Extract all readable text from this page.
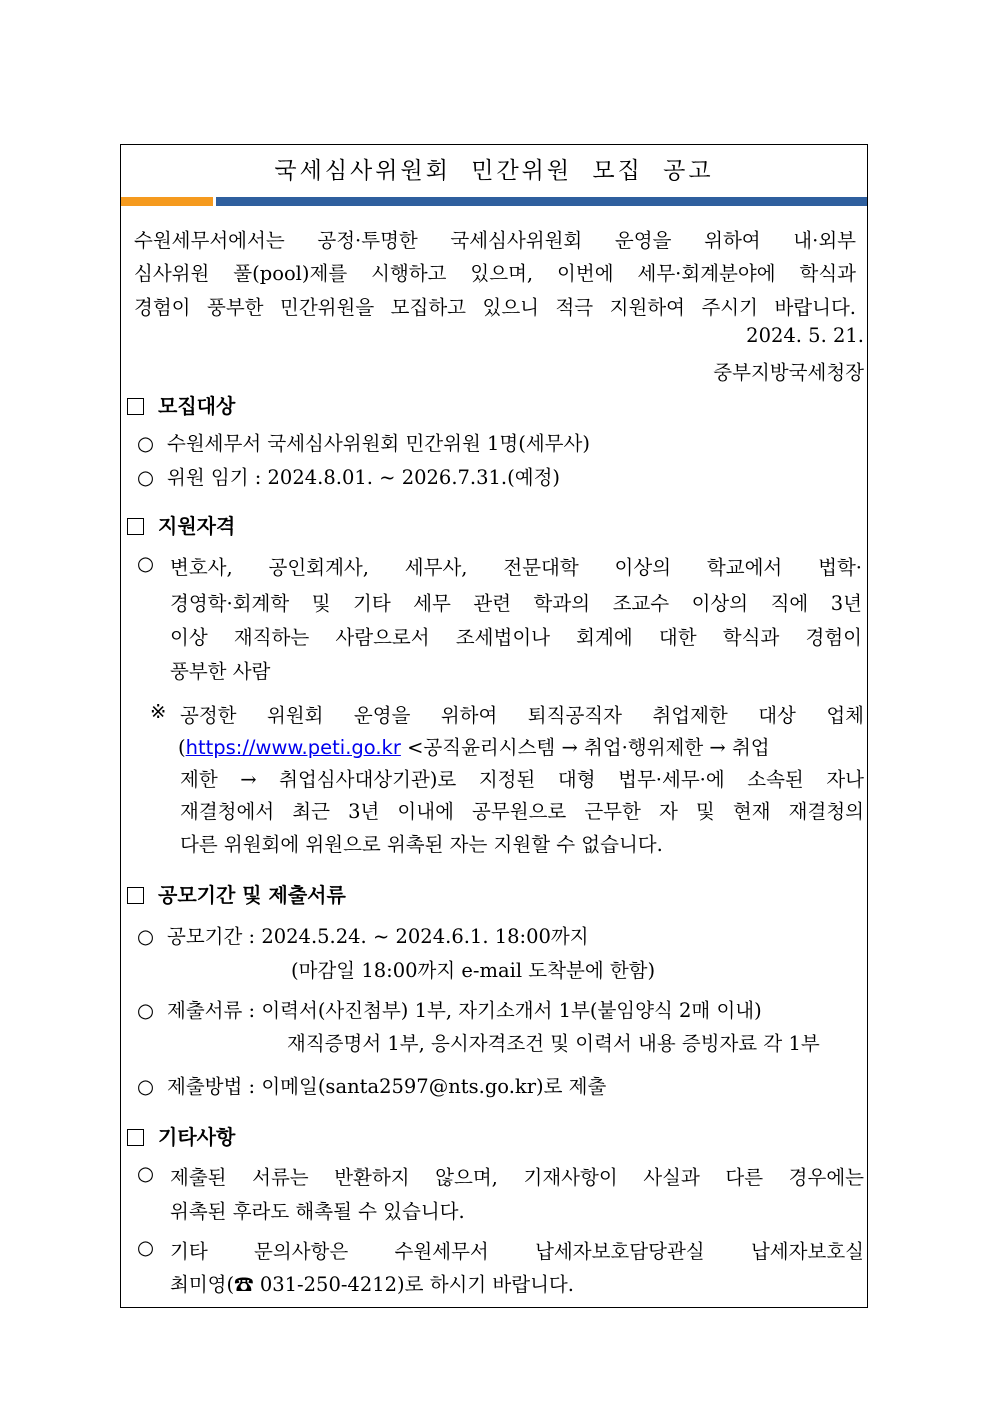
국세심사위원회 민간위원 모집 공고
수원세무서에서는 공정·투명한 국세심사위원회 운영을 위하여 내·외부
심사위원 풀(pool)제를 시행하고 있으며, 이번에 세무·회계분야에 학식과
경험이 풍부한 민간위원을 모집하고 있으니 적극 지원하여 주시기 바랍니다.
2024. 5. 21.
중부지방국세청장
모집대상
○ 수원세무서 국세심사위원회 민간위원 1명(세무사)
○ 위원 임기 : 2024.8.01. ~ 2026.7.31.(예정)
지원자격
○ 변호사, 공인회계사, 세무사, 전문대학 이상의 학교에서 법학·
경영학·회계학 및 기타 세무 관련 학과의 조교수 이상의 직에 3년
이상 재직하는 사람으로서 조세법이나 회계에 대한 학식과 경험이
풍부한 사람
※ 공정한 위원회 운영을 위하여 퇴직공직자 취업제한 대상 업체
(https://www.peti.go.kr <공직윤리시스템 → 취업·행위제한 → 취업
제한 → 취업심사대상기관)로 지정된 대형 법무·세무·에 소속된 자나
재결청에서 최근 3년 이내에 공무원으로 근무한 자 및 현재 재결청의
다른 위원회에 위원으로 위촉된 자는 지원할 수 없습니다.
공모기간 및 제출서류
○ 공모기간 : 2024.5.24. ~ 2024.6.1. 18:00까지
(마감일 18:00까지 e-mail 도착분에 한함)
○ 제출서류 : 이력서(사진첨부) 1부, 자기소개서 1부(붙임양식 2매 이내)
재직증명서 1부, 응시자격조건 및 이력서 내용 증빙자료 각 1부
○ 제출방법 : 이메일(santa2597@nts.go.kr)로 제출
기타사항
○ 제출된 서류는 반환하지 않으며, 기재사항이 사실과 다른 경우에는
위촉된 후라도 해촉될 수 있습니다.
○ 기타 문의사항은 수원세무서 납세자보호담당관실 납세자보호실
최미영(☎ 031-250-4212)로 하시기 바랍니다.
